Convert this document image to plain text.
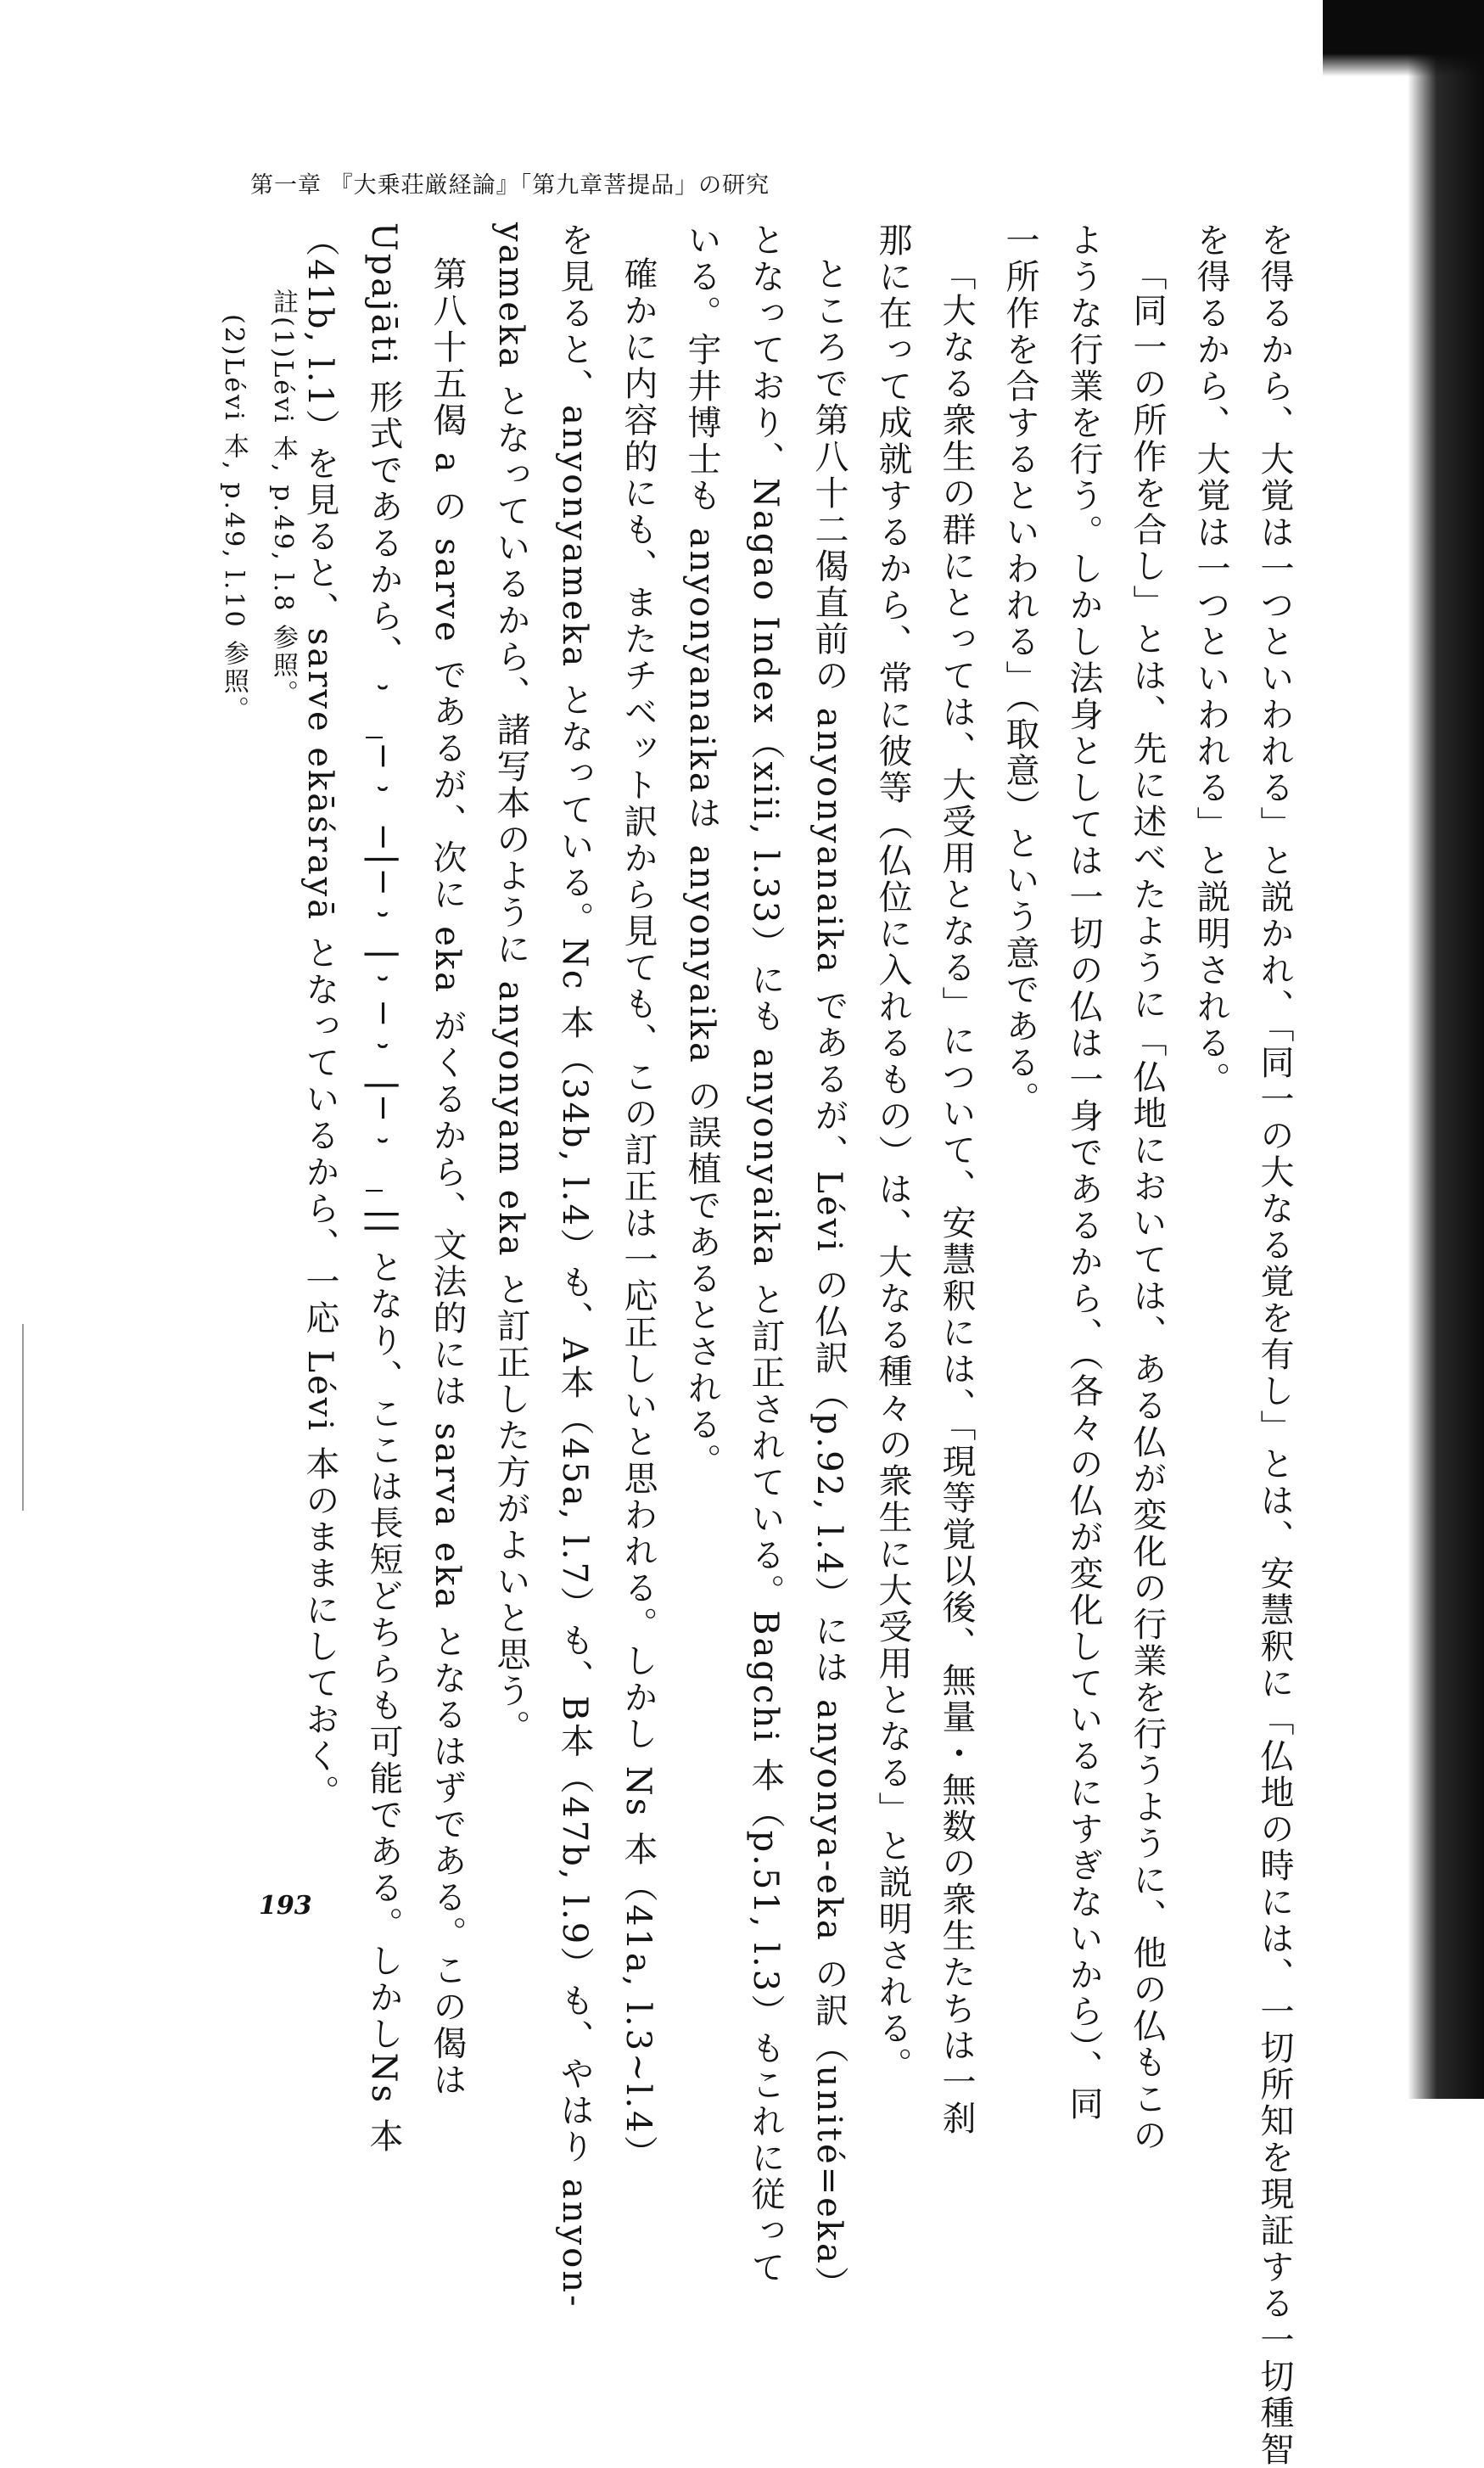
第一章 『大乗荘厳経論』「第九章菩提品」の研究
を得るから、大覚は一つといわれる」と説かれ、「同一の大なる覚を有し」とは、安慧釈に「仏地の時には、一切所知を現証する一切種智
を得るから、大覚は一つといわれる」と説明される。
「同一の所作を合し」とは、先に述べたように「仏地においては、ある仏が変化の行業を行うように、他の仏もこの
ような行業を行う。しかし法身としては一切の仏は一身であるから、（各々の仏が変化しているにすぎないから）、同
一所作を合するといわれる」（取意）という意である。
「大なる衆生の群にとっては、大受用となる」について、安慧釈には、「現等覚以後、無量・無数の衆生たちは一刹
那に在って成就するから、常に彼等（仏位に入れるもの）は、大なる種々の衆生に大受用となる」と説明される。
ところで第八十二偈直前の anyonyanaika であるが、Lévi の仏訳（p.92, l.4）には anyonya-eka の訳（unité=eka）
となっており、Nagao Index（xiii, l.33）にも anyonyaika と訂正されている。Bagchi 本（p.51, l.3）もこれに従って
いる。宇井博士も anyonyanaikaは anyonyaika の誤植であるとされる。
確かに内容的にも、またチベット訳から見ても、この訂正は一応正しいと思われる。しかし Ns 本（41a, l.3~l.4）
を見ると、anyonyameka となっている。Nc 本（34b, l.4）も、A本（45a, l.7）も、B本（47b, l.9）も、やはり anyon-
yameka となっているから、諸写本のように anyonyam eka と訂正した方がよいと思う。
第八十五偈 a の sarve であるが、次に eka がくるから、文法的には sarva eka となるはずである。この偈は
Upajāti 形式であるから、⏑̲−⏑ −|−⏑ |⏑−⏑ |−⏑̲ || となり、ここは長短どちらも可能である。しかしNs 本
（41b, l.1）を見ると、sarve ekāśrayā となっているから、一応 Lévi 本のままにしておく。
註(1)Lévi 本, p.49, l.8 参照。
(2)Lévi 本, p.49, l.10 参照。
193
